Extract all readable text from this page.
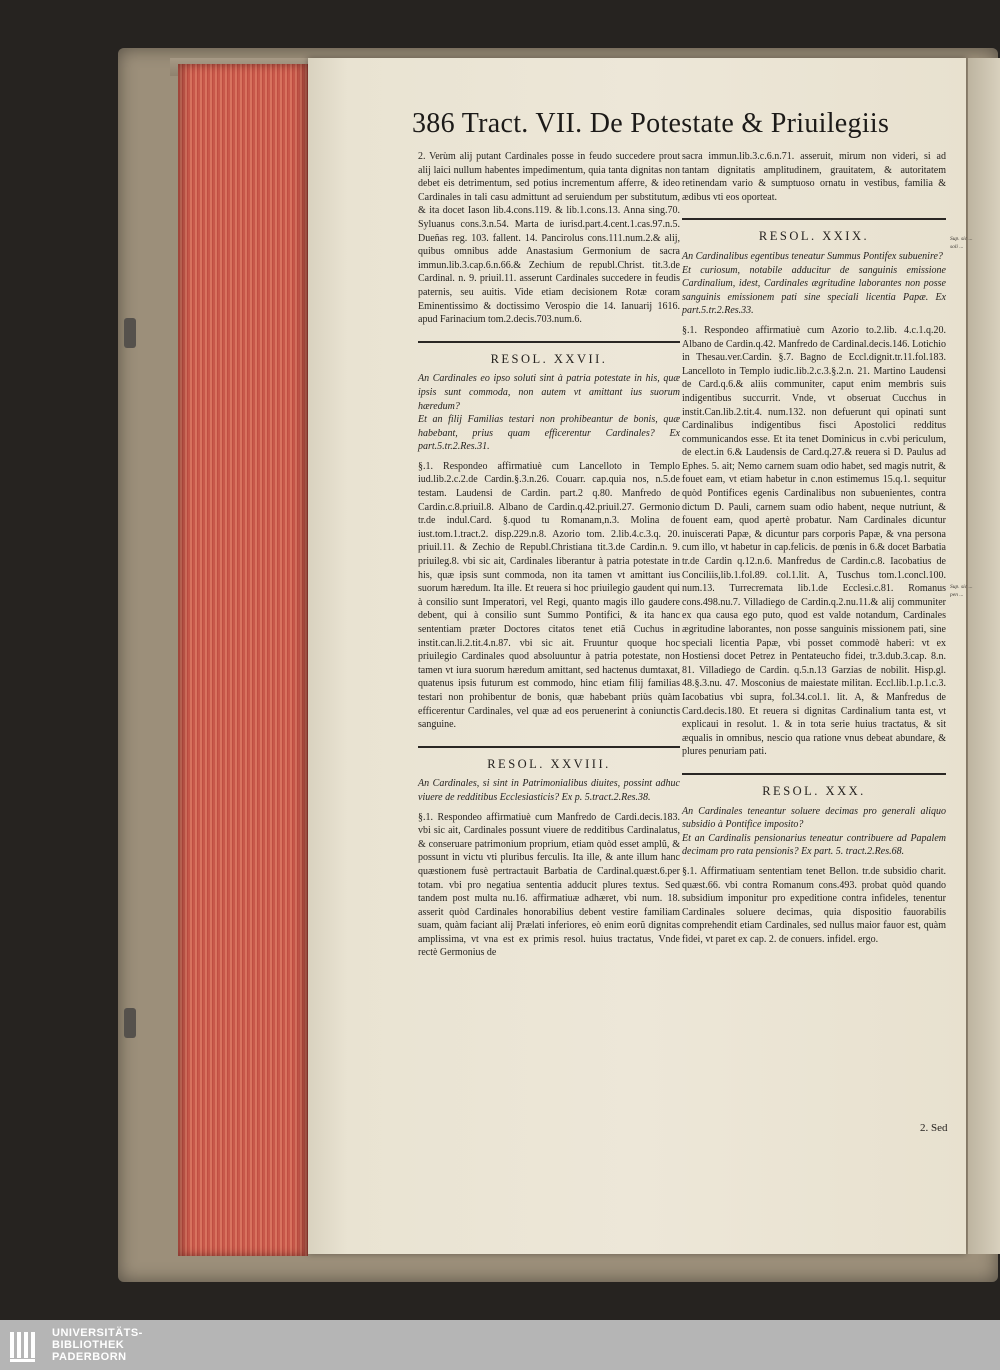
386 Tract. VII. De Potestate & Priuilegiis

2. Verùm alij putant Cardinales posse in feudo succedere prout alij laici nullum habentes impedimentum, quia tanta dignitas non debet eis detrimentum, sed potius incrementum afferre, & ideo Cardinales in tali casu admittunt ad seruiendum per substitutum, & ita docet Iason lib.4.cons.119. & lib.1.cons.13. Anna sing.70. Syluanus cons.3.n.54. Marta de iurisd.part.4.cent.1.cas.97.n.5. Dueñas reg. 103. fallent. 14. Pancirolus cons.111.num.2.& alij, quibus omnibus adde Anastasium Germonium de sacra immun.lib.3.cap.6.n.66.& Zechium de republ.Christ. tit.3.de Cardinal. n. 9. priuil.11. asserunt Cardinales succedere in feudis paternis, seu auitis. Vide etiam decisionem Rotæ coram Eminentissimo & doctissimo Verospio die 14. Ianuarij 1616. apud Farinacium tom.2.decis.703.num.6.

RESOL. XXVII.

An Cardinales eo ipso soluti sint à patria potestate in his, quæ ipsis sunt commoda, non autem vt amittant ius suorum hæredum?

Et an filij Familias testari non prohibeantur de bonis, quæ habebant, prius quam efficerentur Cardinales? Ex part.5.tr.2.Res.31.

§.1. Respondeo affirmatiuè cum Lancelloto in Templo iud.lib.2.c.2.de Cardin.§.3.n.26. Couarr. cap.quia nos, n.5.de testam. Laudensi de Cardin. part.2 q.80. Manfredo de Cardin.c.8.priuil.8. Albano de Cardin.q.42.priuil.27. Germonio tr.de indul.Card. §.quod tu Romanam,n.3. Molina de iust.tom.1.tract.2. disp.229.n.8. Azorio tom. 2.lib.4.c.3.q. 20. priuil.11. & Zechio de Republ.Christiana tit.3.de Cardin.n. 9. priuileg.8. vbi sic ait, Cardinales liberantur à patria potestate in his, quæ ipsis sunt commoda, non ita tamen vt amittant ius suorum hæredum. Ita ille. Et reuera si hoc priuilegio gaudent qui à consilio sunt Imperatori, vel Regi, quanto magis illo gaudere debent, qui à consilio sunt Summo Pontifici, & ita hanc sententiam præter Doctores citatos tenet etiã Cuchus in instit.can.li.2.tit.4.n.87. vbi sic ait. Fruuntur quoque hoc priuilegio Cardinales quod absoluuntur à patria potestate, non tamen vt iura suorum hæredum amittant, sed hactenus dumtaxat, quatenus ipsis futurum est commodo, hinc etiam filij familias testari non prohibentur de bonis, quæ habebant priùs quàm efficerentur Cardinales, vel quæ ad eos peruenerint à coniunctis sanguine.

RESOL. XXVIII.

An Cardinales, si sint in Patrimonialibus diuites, possint adhuc viuere de redditibus Ecclesiasticis? Ex p. 5.tract.2.Res.38.

§.1. Respondeo affirmatiuè cum Manfredo de Cardi.decis.183. vbi sic ait, Cardinales possunt viuere de redditibus Cardinalatus, & conseruare patrimonium proprium, etiam quòd esset amplũ, & possunt in victu vti pluribus ferculis. Ita ille, & ante illum hanc quæstionem fusè pertractauit Barbatia de Cardinal.quæst.6.per totam. vbi pro negatiua sententia adducit plures textus. Sed tandem post multa nu.16. affirmatiuæ adhæret, vbi num. 18. asserit quòd Cardinales honorabilius debent vestire familiam suam, quàm faciant alij Prælati inferiores, eò enim eorũ dignitas amplissima, vt vna est ex primis resol. huius tractatus, Vnde rectè Germonius de

sacra immun.lib.3.c.6.n.71. asseruit, mirum non videri, si ad tantam dignitatis amplitudinem, grauitatem, & autoritatem retinendam vario & sumptuoso ornatu in vestibus, familia & ædibus vti eos oporteat.

RESOL. XXIX.

An Cardinalibus egentibus teneatur Summus Pontifex subuenire?

Et curiosum, notabile adducitur de sanguinis emissione Cardinalium, idest, Cardinales ægritudine laborantes non posse sanguinis emissionem pati sine speciali licentia Papæ. Ex part.5.tr.2.Res.33.

§.1. Respondeo affirmatiuè cum Azorio to.2.lib. 4.c.1.q.20. Albano de Cardin.q.42. Manfredo de Cardinal.decis.146. Lotichio in Thesau.ver.Cardin. §.7. Bagno de Eccl.dignit.tr.11.fol.183. Lancelloto in Templo iudic.lib.2.c.3.§.2.n. 21. Martino Laudensi de Card.q.6.& aliis communiter, caput enim membris suis indigentibus succurrit. Vnde, vt obseruat Cucchus in instit.Can.lib.2.tit.4. num.132. non defuerunt qui opinati sunt Cardinalibus indigentibus fisci Apostolici redditus communicandos esse. Et ita tenet Dominicus in c.vbi periculum, de elect.in 6.& Laudensis de Card.q.27.& reuera si D. Paulus ad Ephes. 5. ait; Nemo carnem suam odio habet, sed magis nutrit, & fouet eam, vt etiam habetur in c.non estimemus 15.q.1. sequitur quòd Pontifices egenis Cardinalibus non subuenientes, contra dictum D. Pauli, carnem suam odio habent, neque nutriunt, & fouent eam, quod apertè probatur. Nam Cardinales dicuntur inuiscerati Papæ, & dicuntur pars corporis Papæ, & vna persona cum illo, vt habetur in cap.felicis. de pœnis in 6.& docet Barbatia tr.de Cardin q.12.n.6. Manfredus de Cardin.c.8. Iacobatius de Conciliis,lib.1.fol.89. col.1.lit. A, Tuschus tom.1.concl.100. num.13. Turrecremata lib.1.de Ecclesi.c.81. Romanus cons.498.nu.7. Villadiego de Cardin.q.2.nu.11.& alij communiter ex qua causa ego puto, quod est valde notandum, Cardinales ægritudine laborantes, non posse sanguinis missionem pati, sine speciali licentia Papæ, vbi posset commodè haberi: vt ex Hostiensi docet Petrez in Pentateucho fidei, tr.3.dub.3.cap. 8.n. 81. Villadiego de Cardin. q.5.n.13 Garzias de nobilit. Hisp.gl. 48.§.3.nu. 47. Mosconius de maiestate militan. Eccl.lib.1.p.1.c.3. Iacobatius vbi supra, fol.34.col.1. lit. A, & Manfredus de Card.decis.180. Et reuera si dignitas Cardinalium tanta est, vt explicaui in resolut. 1. & in tota serie huius tractatus, & sit æqualis in omnibus, nescio qua ratione vnus debeat abundare, & plures penuriam pati.

RESOL. XXX.

An Cardinales teneantur soluere decimas pro generali aliquo subsidio à Pontifice imposito?

Et an Cardinalis pensionarius teneatur contribuere ad Papalem decimam pro rata pensionis? Ex part. 5. tract.2.Res.68.

§.1. Affirmatiuam sententiam tenet Bellon. tr.de subsidio charit. quæst.66. vbi contra Romanum cons.493. probat quòd quando subsidium imponitur pro expeditione contra infideles, tenentur Cardinales soluere decimas, quia dispositio fauorabilis comprehendit etiam Cardinales, sed nullus maior fauor est, quàm fidei, vt paret ex cap. 2. de conuers. infidel. ergo.

Sup. sic ... soli ...
Sup. sic ... pen ...
2. Sed
UNIVERSITÄTS-
BIBLIOTHEK
PADERBORN
